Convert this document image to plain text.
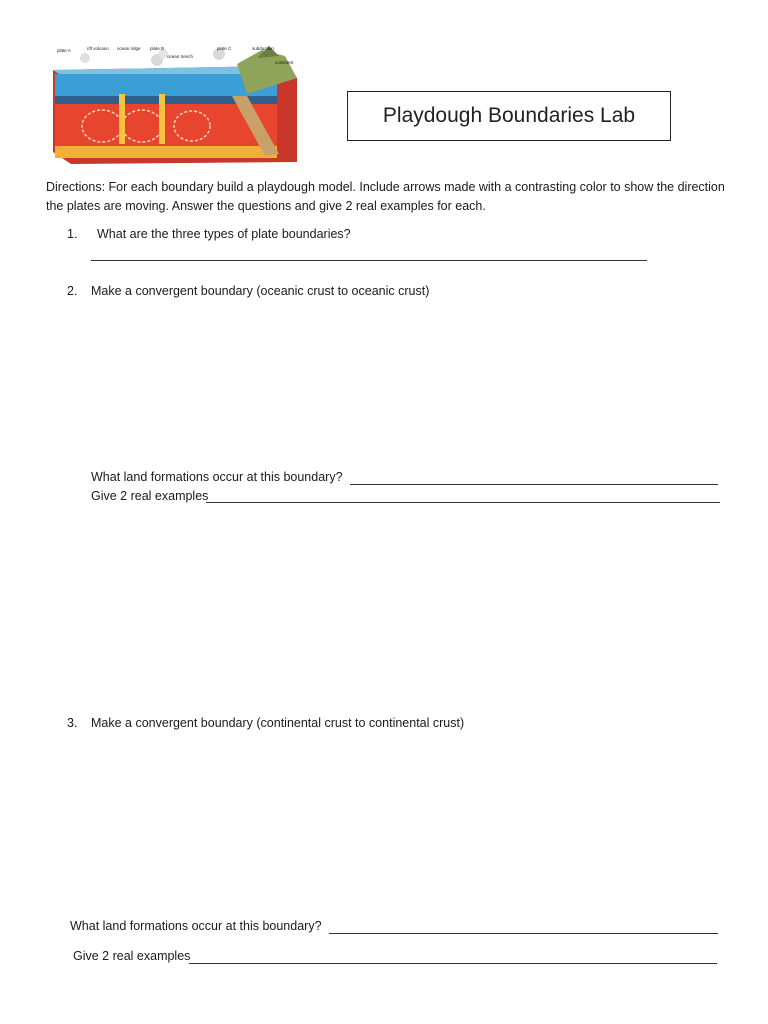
plate A	rift volcano ocean ridge plate B
ocean trench
plate C	subduction
continent
Playdough Boundaries Lab
Directions: For each boundary build a playdough model. Include arrows made with a contrasting color to show the direction the plates are moving. Answer the questions and give 2 real examples for each.
1. What are the three types of plate boundaries?
2. Make a convergent boundary (oceanic crust to oceanic crust)
What land formations occur at this boundary?
Give 2 real examples
3. Make a convergent boundary (continental crust to continental crust)
What land formations occur at this boundary?
Give 2 real examples
